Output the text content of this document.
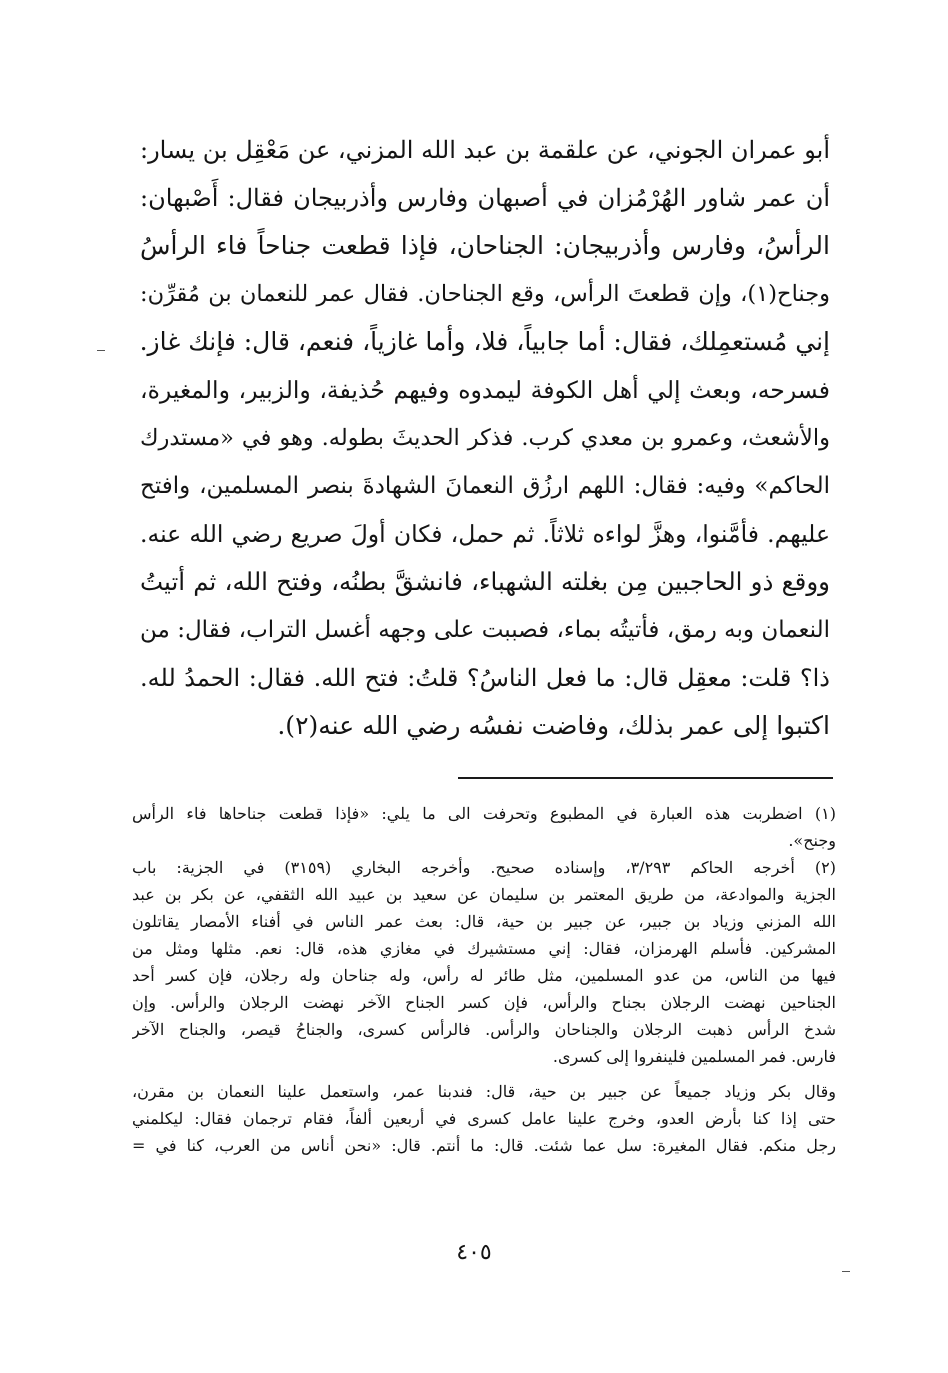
أبو عمران الجوني، عن علقمة بن عبد الله المزني، عن مَعْقِل بن يسار:
أن عمر شاور الهُرْمُزان في أصبهان وفارس وأذربيجان فقال: أَصْبهان:
الرأسُ، وفارس وأذربيجان: الجناحان، فإذا قطعت جناحاً فاء الرأسُ
وجناح(١)، وإن قطعتَ الرأس، وقع الجناحان. فقال عمر للنعمان بن مُقرِّن:
إني مُستعمِلك، فقال: أما جابياً، فلا، وأما غازياً، فنعم، قال: فإنك غاز.
فسرحه، وبعث إلي أهل الكوفة ليمدوه وفيهم حُذيفة، والزبير، والمغيرة،
والأشعث، وعمرو بن معدي كرب. فذكر الحديثَ بطوله. وهو في «مستدرك
الحاكم» وفيه: فقال: اللهم ارزُق النعمانَ الشهادةَ بنصر المسلمين، وافتح
عليهم. فأمَّنوا، وهزَّ لواءه ثلاثاً. ثم حمل، فكان أولَ صريع رضي الله عنه.
ووقع ذو الحاجبين مِن بغلته الشهباء، فانشقَّ بطنُه، وفتح الله، ثم أتيتُ
النعمان وبه رمق، فأتيتُه بماء، فصببت على وجهه أغسل التراب، فقال: من
ذا؟ قلت: معقِل قال: ما فعل الناسُ؟ قلتُ: فتح الله. فقال: الحمدُ لله.
اكتبوا إلى عمر بذلك، وفاضت نفسُه رضي الله عنه(٢).
(١) اضطربت هذه العبارة في المطبوع وتحرفت الى ما يلي: «فإذا قطعت جناحاها فاء الرأس
وجنح».
(٢) أخرجه الحاكم ٣/٢٩٣، وإسناده صحيح. وأخرجه البخاري (٣١٥٩) في الجزية: باب
الجزية والموادعة، من طريق المعتمر بن سليمان عن سعيد بن عبيد الله الثقفي، عن بكر بن عبد
الله المزني وزياد بن جبير، عن جبير بن حية، قال: بعث عمر الناس في أفناء الأمصار يقاتلون
المشركين. فأسلم الهرمزان، فقال: إني مستشيرك في مغازي هذه، قال: نعم. مثلها ومثل من
فيها من الناس، من عدو المسلمين، مثل طائر له رأس، وله جناحان وله رجلان، فإن كسر أحد
الجناحين نهضت الرجلان بجناح والرأس، فإن كسر الجناح الآخر نهضت الرجلان والرأس. وإن
شدخ الرأس ذهبت الرجلان والجناحان والرأس. فالرأس كسرى، والجناحُ قيصر، والجناح الآخر
فارس. فمر المسلمين فلينفروا إلى كسرى.
وقال بكر وزياد جميعاً عن جبير بن حية، قال: فندبنا عمر، واستعمل علينا النعمان بن مقرن،
حتى إذا كنا بأرض العدو، وخرج علينا عامل كسرى في أربعين ألفاً، فقام ترجمان فقال: ليكلمني
رجل منكم. فقال المغيرة: سل عما شئت. قال: ما أنتم. قال: «نحن أناس من العرب، كنا في =
٤٠٥
